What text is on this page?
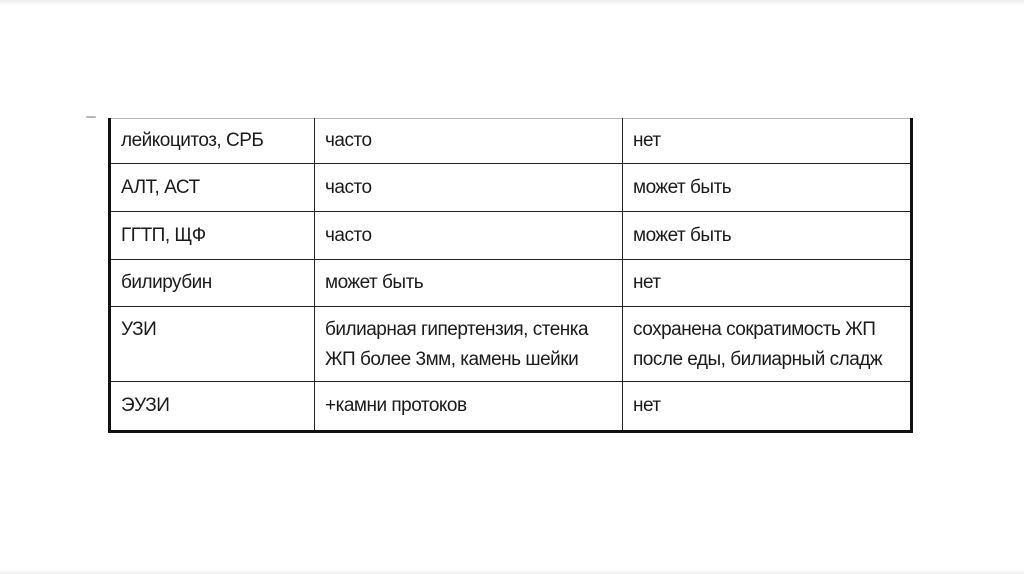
лейкоцитоз, СРБ	часто	нет
АЛТ, АСТ	часто	может быть
ГГТП, ЩФ	часто	может быть
билирубин	может быть	нет
УЗИ	билиарная гипертензия, стенка ЖП более 3мм, камень шейки	сохранена сократимость ЖП после еды, билиарный сладж
ЭУЗИ	+камни протоков	нет
